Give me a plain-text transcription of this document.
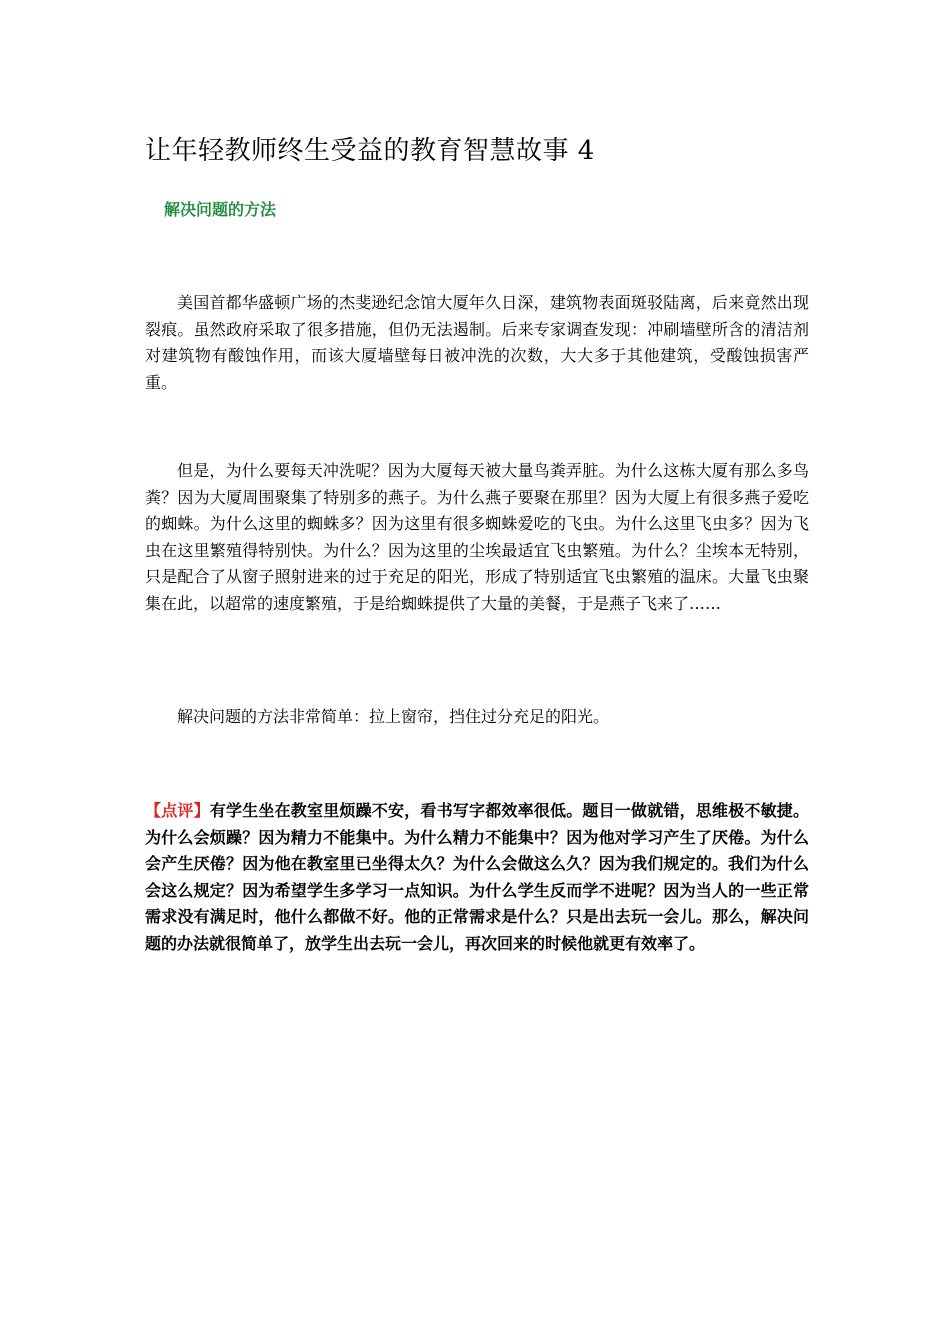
让年轻教师终生受益的教育智慧故事 4
解决问题的方法

美国首都华盛顿广场的杰斐逊纪念馆大厦年久日深，建筑物表面斑驳陆离，后来竟然出现裂痕。虽然政府采取了很多措施，但仍无法遏制。后来专家调查发现：冲刷墙壁所含的清洁剂对建筑物有酸蚀作用，而该大厦墙壁每日被冲洗的次数，大大多于其他建筑，受酸蚀损害严重。

但是，为什么要每天冲洗呢？因为大厦每天被大量鸟粪弄脏。为什么这栋大厦有那么多鸟粪？因为大厦周围聚集了特别多的燕子。为什么燕子要聚在那里？因为大厦上有很多燕子爱吃的蜘蛛。为什么这里的蜘蛛多？因为这里有很多蜘蛛爱吃的飞虫。为什么这里飞虫多？因为飞虫在这里繁殖得特别快。为什么？因为这里的尘埃最适宜飞虫繁殖。为什么？尘埃本无特别，只是配合了从窗子照射进来的过于充足的阳光，形成了特别适宜飞虫繁殖的温床。大量飞虫聚集在此，以超常的速度繁殖，于是给蜘蛛提供了大量的美餐，于是燕子飞来了……

解决问题的方法非常简单：拉上窗帘，挡住过分充足的阳光。

【点评】有学生坐在教室里烦躁不安，看书写字都效率很低。题目一做就错，思维极不敏捷。为什么会烦躁？因为精力不能集中。为什么精力不能集中？因为他对学习产生了厌倦。为什么会产生厌倦？因为他在教室里已坐得太久？为什么会做这么久？因为我们规定的。我们为什么会这么规定？因为希望学生多学习一点知识。为什么学生反而学不进呢？因为当人的一些正常需求没有满足时，他什么都做不好。他的正常需求是什么？只是出去玩一会儿。那么，解决问题的办法就很简单了，放学生出去玩一会儿，再次回来的时候他就更有效率了。
